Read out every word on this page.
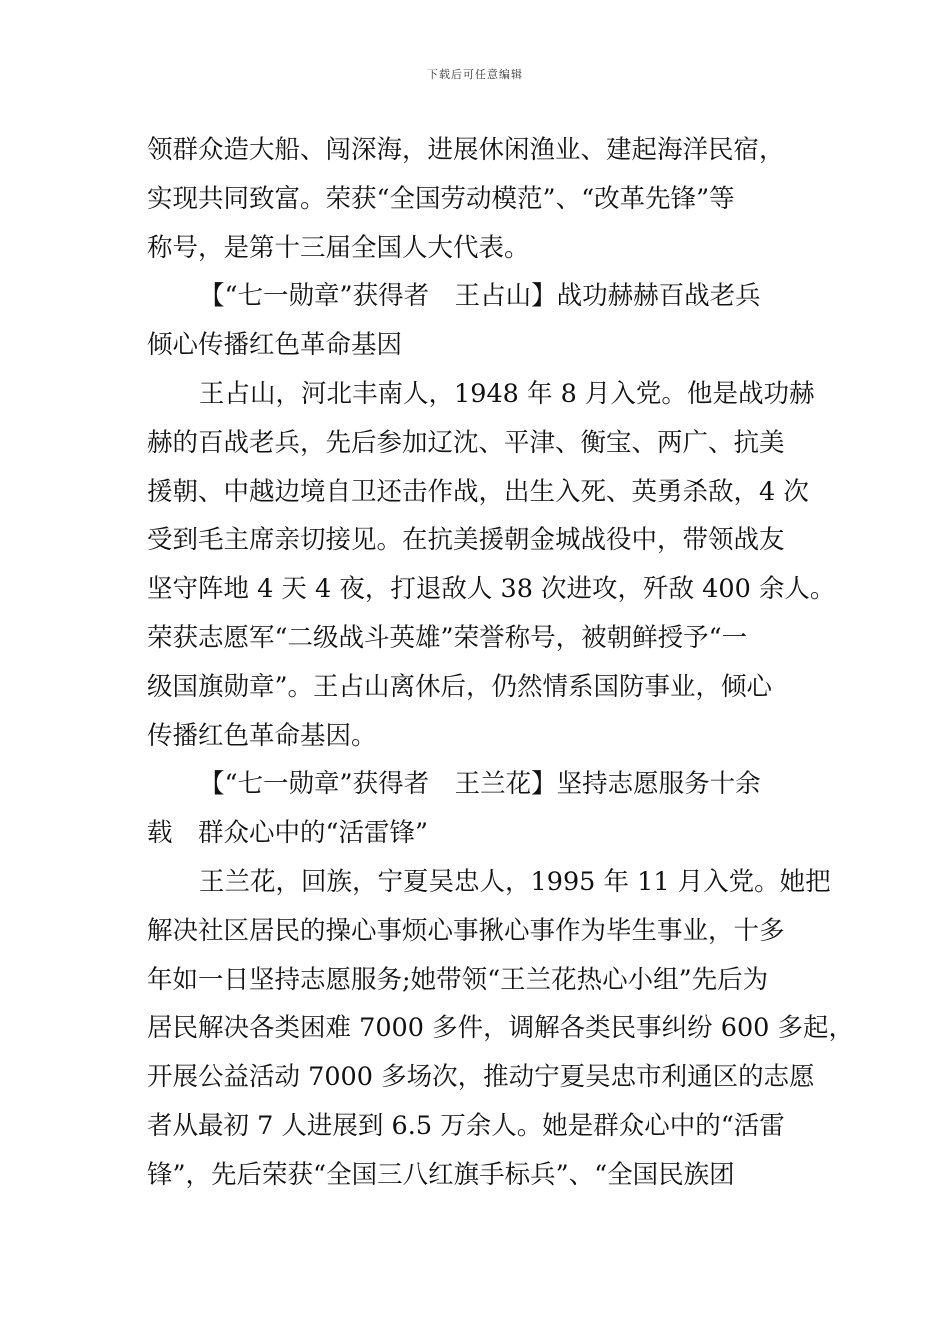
下载后可任意编辑
领群众造大船、闯深海，进展休闲渔业、建起海洋民宿，
实现共同致富。荣获“全国劳动模范”、“改革先锋”等
称号，是第十三届全国人大代表。
【“七一勋章”获得者　王占山】战功赫赫百战老兵
倾心传播红色革命基因
王占山，河北丰南人，1948 年 8 月入党。他是战功赫
赫的百战老兵，先后参加辽沈、平津、衡宝、两广、抗美
援朝、中越边境自卫还击作战，出生入死、英勇杀敌，4 次
受到毛主席亲切接见。在抗美援朝金城战役中，带领战友
坚守阵地 4 天 4 夜，打退敌人 38 次进攻，歼敌 400 余人。
荣获志愿军“二级战斗英雄”荣誉称号，被朝鲜授予“一
级国旗勋章”。王占山离休后，仍然情系国防事业，倾心
传播红色革命基因。
【“七一勋章”获得者　王兰花】坚持志愿服务十余
载　群众心中的“活雷锋”
王兰花，回族，宁夏吴忠人，1995 年 11 月入党。她把
解决社区居民的操心事烦心事揪心事作为毕生事业，十多
年如一日坚持志愿服务;她带领“王兰花热心小组”先后为
居民解决各类困难 7000 多件，调解各类民事纠纷 600 多起，
开展公益活动 7000 多场次，推动宁夏吴忠市利通区的志愿
者从最初 7 人进展到 6.5 万余人。她是群众心中的“活雷
锋”，先后荣获“全国三八红旗手标兵”、“全国民族团
